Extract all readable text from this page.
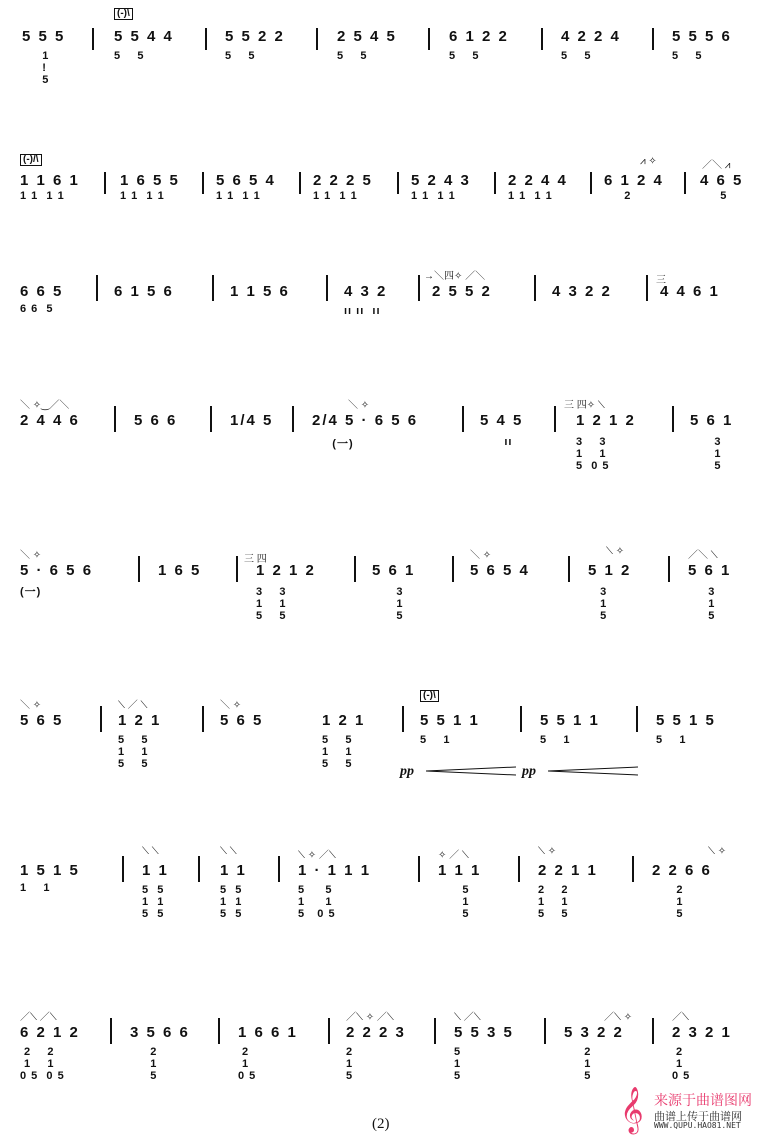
5 5 5
1
!
5
(-)\
5 5 4 4
5    5
5 5 2 2
5    5
2 5 4 5
5    5
6 1 2 2
5    5
4 2 2 4
5    5
5 5 5 6
5    5
(-)/\
1 1 6 1
1 1  1 1
1 6 5 5
1 1  1 1
5 6 5 4
1 1  1 1
2 2 2 5
1 1  1 1
5 2 4 3
1 1  1 1
2 2 4 4
1 1  1 1
⩘ ✧
6 1 2 4
2
／＼ ⩘
4 6 5
5
6 6 5
6 6  5
6 1 5 6	1 1 5 6	4 3 2
ıı ıı  ıı
→＼四✧ ／＼
2 5 5 2	4 3 2 2
三
4 4 6 1
＼ ✧‿／＼
2 4 4 6	5 6 6	1/4 5
＼ ✧
2/4 5 · 6 5 6
(一)
5 4 5
ıı
三 四✧ ⟍
1 2 1 2
3    3
1    1
5  0 5
5 6 1
3
1
5
＼ ✧
5 · 6 5 6
(一)
1 6 5
三 四
1 2 1 2
3    3
1    1
5    5
5 6 1
3
1
5
＼ ✧
5 6 5 4
⟍ ✧
5 1 2
3
1
5
／＼ ⟍
5 6 1
3
1
5
＼ ✧
5 6 5
⟍ ／ ⟍
1 2 1
5    5
1    1
5    5
＼ ✧
5 6 5	1 2 1
5    5
1    1
5    5
(-)\
5 5 1 1
5    1
5 5 1 1
5    1
5 5 1 5
5    1
pp	pp
1 5 1 5
1    1
⟍ ⟍
1 1
5  5
1  1
5  5
⟍ ⟍
1 1
5  5
1  1
5  5
⟍ ✧ ／⟍
1 · 1 1 1
5     5
1     1
5   0 5
✧ ／ ⟍
1 1 1
5
1
5
⟍ ✧
2 2 1 1
2    2
1    1
5    5
⟍ ✧
2 2 6 6
2
1
5
／⟍ ／⟍
6 2 1 2
2    2
1    1
0 5  0 5
3 5 6 6
2
1
5
1 6 6 1
2
1
0 5
／⟍ ✧ ／⟍
2 2 2 3
2
1
5
⟍ ／⟍
5 5 3 5
5
1
5
／⟍ ✧
5 3 2 2
2
1
5
／⟍
2 3 2 1
2
1
0 5
(2)	𝄞 来源于曲谱图网
曲谱上传于曲谱网
WWW.QUPU.HAO81.NET
